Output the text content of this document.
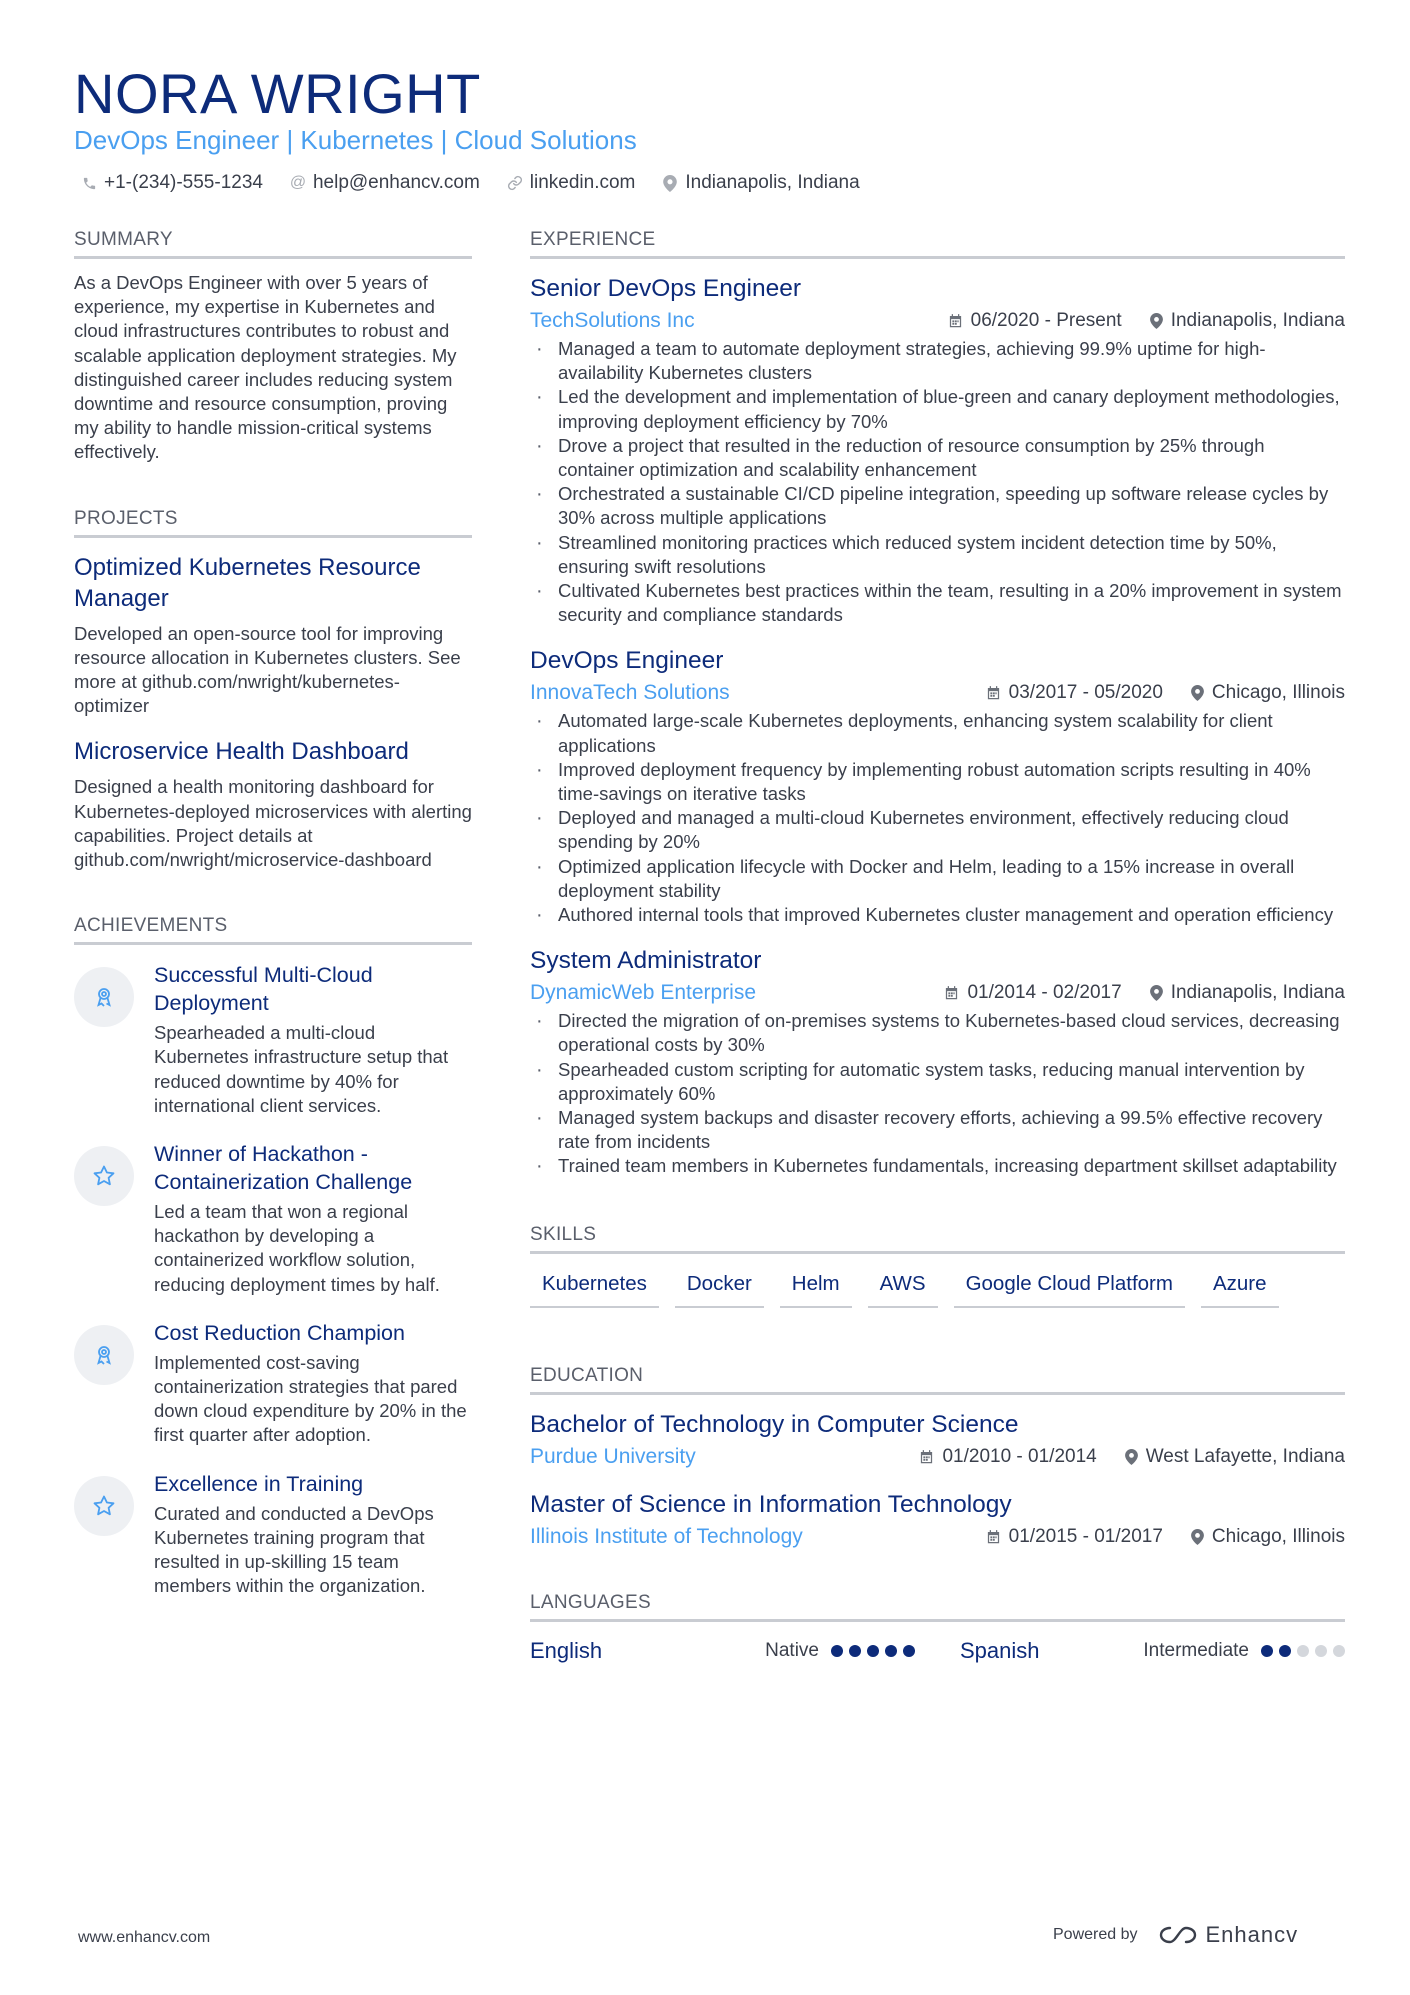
NORA WRIGHT
DevOps Engineer | Kubernetes | Cloud Solutions
+1-(234)-555-1234 @ help@enhancv.com	linkedin.com	Indianapolis, Indiana
SUMMARY
As a DevOps Engineer with over 5 years of experience, my expertise in Kubernetes and cloud infrastructures contributes to robust and scalable application deployment strategies. My distinguished career includes reducing system downtime and resource consumption, proving my ability to handle mission-critical systems effectively.
PROJECTS
Optimized Kubernetes Resource Manager
Developed an open-source tool for improving resource allocation in Kubernetes clusters. See more at github.com/nwright/kubernetes-optimizer
Microservice Health Dashboard
Designed a health monitoring dashboard for Kubernetes-deployed microservices with alerting capabilities. Project details at github.com/nwright/microservice-dashboard
ACHIEVEMENTS
Successful Multi-Cloud Deployment
Spearheaded a multi-cloud Kubernetes infrastructure setup that reduced downtime by 40% for international client services.
Winner of Hackathon - Containerization Challenge
Led a team that won a regional hackathon by developing a containerized workflow solution, reducing deployment times by half.
Cost Reduction Champion
Implemented cost-saving containerization strategies that pared down cloud expenditure by 20% in the first quarter after adoption.
Excellence in Training
Curated and conducted a DevOps Kubernetes training program that resulted in up-skilling 15 team members within the organization.
EXPERIENCE
Senior DevOps Engineer
TechSolutions Inc	06/2020 - Present	Indianapolis, Indiana
· Managed a team to automate deployment strategies, achieving 99.9% uptime for high-availability Kubernetes clusters
· Led the development and implementation of blue-green and canary deployment methodologies, improving deployment efficiency by 70%
· Drove a project that resulted in the reduction of resource consumption by 25% through container optimization and scalability enhancement
· Orchestrated a sustainable CI/CD pipeline integration, speeding up software release cycles by 30% across multiple applications
· Streamlined monitoring practices which reduced system incident detection time by 50%, ensuring swift resolutions
· Cultivated Kubernetes best practices within the team, resulting in a 20% improvement in system security and compliance standards
DevOps Engineer
InnovaTech Solutions	03/2017 - 05/2020	Chicago, Illinois
· Automated large-scale Kubernetes deployments, enhancing system scalability for client applications
· Improved deployment frequency by implementing robust automation scripts resulting in 40% time-savings on iterative tasks
· Deployed and managed a multi-cloud Kubernetes environment, effectively reducing cloud spending by 20%
· Optimized application lifecycle with Docker and Helm, leading to a 15% increase in overall deployment stability
· Authored internal tools that improved Kubernetes cluster management and operation efficiency
System Administrator
DynamicWeb Enterprise	01/2014 - 02/2017	Indianapolis, Indiana
· Directed the migration of on-premises systems to Kubernetes-based cloud services, decreasing operational costs by 30%
· Spearheaded custom scripting for automatic system tasks, reducing manual intervention by approximately 60%
· Managed system backups and disaster recovery efforts, achieving a 99.5% effective recovery rate from incidents
· Trained team members in Kubernetes fundamentals, increasing department skillset adaptability
SKILLS
Kubernetes	Docker	Helm	AWS	Google Cloud Platform	Azure
EDUCATION
Bachelor of Technology in Computer Science
Purdue University	01/2010 - 01/2014	West Lafayette, Indiana
Master of Science in Information Technology
Illinois Institute of Technology	01/2015 - 01/2017	Chicago, Illinois
LANGUAGES
English	Native	Spanish	Intermediate
www.enhancv.com	Powered by	Enhancv
